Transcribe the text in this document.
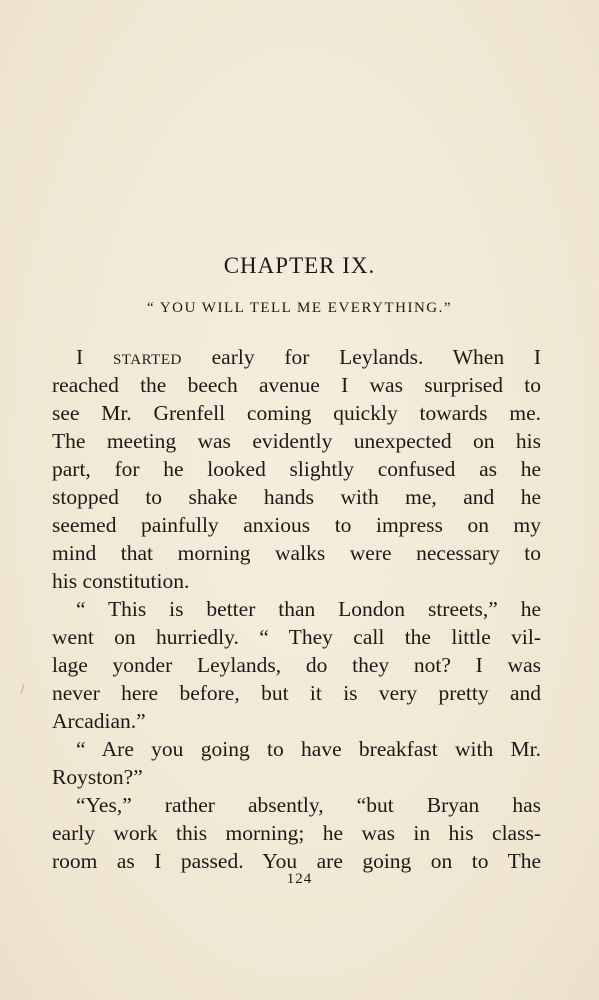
CHAPTER IX.
“ YOU WILL TELL ME EVERYTHING.”
I started early for Leylands. When I
reached the beech avenue I was surprised to
see Mr. Grenfell coming quickly towards me.
The meeting was evidently unexpected on his
part, for he looked slightly confused as he
stopped to shake hands with me, and he
seemed painfully anxious to impress on my
mind that morning walks were necessary to
his constitution.
“ This is better than London streets,” he
went on hurriedly. “ They call the little vil-
lage yonder Leylands, do they not? I was
never here before, but it is very pretty and
Arcadian.”
“ Are you going to have breakfast with Mr.
Royston?”
“Yes,” rather absently, “but Bryan has
early work this morning; he was in his class-
room as I passed. You are going on to The
124
